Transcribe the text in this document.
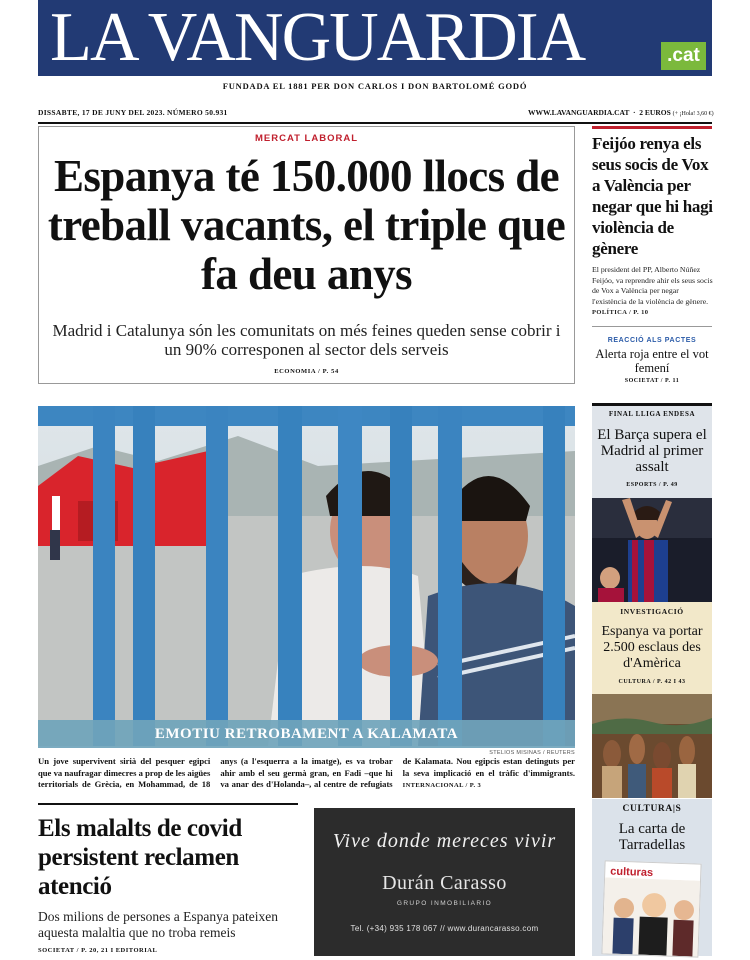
LA VANGUARDIA	.cat
FUNDADA EL 1881 PER DON CARLOS I DON BARTOLOMÉ GODÓ
DISSABTE, 17 DE JUNY DEL 2023. NÚMERO 50.931	WWW.LAVANGUARDIA.CAT  ·  2 EUROS (+ ¡Hola! 3,60 €)
MERCAT LABORAL
Espanya té 150.000 llocs de treball vacants, el triple que fa deu anys
Madrid i Catalunya són les comunitats on més feines queden sense cobrir i un 90% corresponen al sector dels serveis
ECONOMIA / P. 54
Feijóo renya els seus socis de Vox a València per negar que hi hagi violència de gènere
El president del PP, Alberto Núñez Feijóo, va reprendre ahir els seus socis de Vox a València per negar l'existència de la violència de gènere. POLÍTICA / P. 10
REACCIÓ ALS PACTES
Alerta roja entre el vot femení
SOCIETAT / P. 11
FINAL LLIGA ENDESA
El Barça supera el Madrid al primer assalt
ESPORTS / P. 49
INVESTIGACIÓ
Espanya va portar 2.500 esclaus des d'Amèrica
CULTURA / P. 42 I 43
CULTURA|S
La carta de Tarradellas
culturas
EMOTIU RETROBAMENT A KALAMATA
STELIOS MISINAS / REUTERS
Un jove supervivent sirià del pesquer egipci que va naufragar dimecres a prop de les aigües territorials de Grècia, en Mohammad, de 18 anys (a l'esquerra a la imatge), es va trobar ahir amb el seu germà gran, en Fadi –que hi va anar des d'Holanda–, al centre de refugiats de Kalamata. Nou egipcis estan detinguts per la seva implicació en el tràfic d'immigrants. INTERNACIONAL / P. 3
Els malalts de covid persistent reclamen atenció
Dos milions de persones a Espanya pateixen aquesta malaltia que no troba remeis
SOCIETAT / P. 20, 21 I EDITORIAL
Vive donde mereces vivir
Durán Carasso
GRUPO INMOBILIARIO
Tel. (+34) 935 178 067 // www.durancarasso.com
